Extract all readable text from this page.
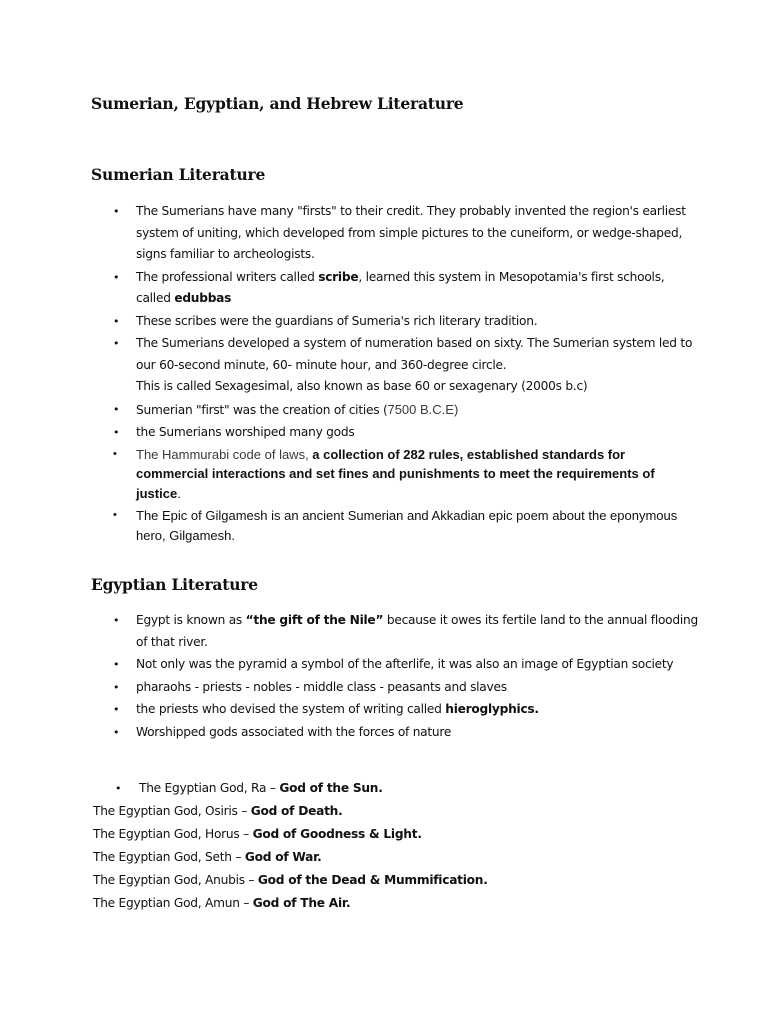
Sumerian, Egyptian, and Hebrew Literature
Sumerian Literature
• The Sumerians have many "firsts" to their credit. They probably invented the region's earliest system of uniting, which developed from simple pictures to the cuneiform, or wedge-shaped, signs familiar to archeologists.
• The professional writers called scribe, learned this system in Mesopotamia's first schools, called edubbas
• These scribes were the guardians of Sumeria's rich literary tradition.
• The Sumerians developed a system of numeration based on sixty. The Sumerian system led to our 60-second minute, 60- minute hour, and 360-degree circle.
This is called Sexagesimal, also known as base 60 or sexagenary (2000s b.c)
• Sumerian "first" was the creation of cities (7500 B.C.E)
• the Sumerians worshiped many gods
• The Hammurabi code of laws, a collection of 282 rules, established standards for commercial interactions and set fines and punishments to meet the requirements of justice.
• The Epic of Gilgamesh is an ancient Sumerian and Akkadian epic poem about the eponymous hero, Gilgamesh.
Egyptian Literature
• Egypt is known as “the gift of the Nile” because it owes its fertile land to the annual flooding of that river.
• Not only was the pyramid a symbol of the afterlife, it was also an image of Egyptian society
• pharaohs - priests - nobles - middle class - peasants and slaves
• the priests who devised the system of writing called hieroglyphics.
• Worshipped gods associated with the forces of nature

• The Egyptian God, Ra – God of the Sun.

The Egyptian God, Osiris – God of Death.

The Egyptian God, Horus – God of Goodness & Light.

The Egyptian God, Seth – God of War.

The Egyptian God, Anubis – God of the Dead & Mummification.

The Egyptian God, Amun – God of The Air.
